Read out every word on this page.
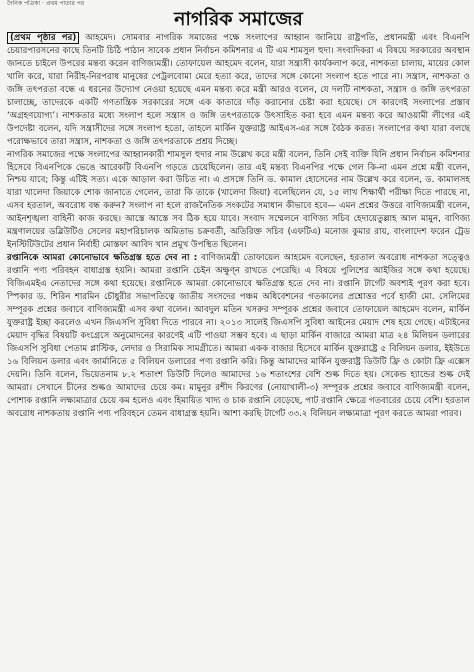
দৈনিক পত্রিকা · প্রথম পাতার পর
নাগরিক সমাজের

(প্রথম পৃষ্ঠার পর) আহমেদ। সোমবার নাগরিক সমাজের পক্ষে সংলাপের আহ্বান জানিয়ে রাষ্ট্রপতি, প্রধানমন্ত্রী এবং বিএনপি চেয়ারপারসনের কাছে তিনটি চিঠি পাঠান সাবেক প্রধান নির্বাচন কমিশনার এ টি এম শামসুল হুদা। সংবাদিকরা এ বিষয়ে সরকারের অবস্থান জানতে চাইলে উপরের মন্তব্য করেন বাণিজ্যমন্ত্রী। তোফায়েল আহমেদ বলেন, যারা সন্ত্রাসী কার্যকলাপ করে, নাশকতা চালায়, মায়ের কোল খালি করে, যারা নিরীহ-নিরপরাধ মানুষের পেট্রলবোমা মেরে হত্যা করে, তাদের সঙ্গে কোনো সংলাপ হতে পারে না। সন্ত্রাস, নাশকতা ও জঙ্গি তৎপরতা বন্ধে এ ধরনের উদ্যোগ নেওয়া হয়েছে এমন মন্তব্য করে মন্ত্রী আরও বলেন, যে দলটি নাশকতা, সন্ত্রাস ও জঙ্গি তৎপরতা চালাচ্ছে, তাদেরকে একটি গণতান্ত্রিক সরকারের সঙ্গে এক কাতারে দাঁড় করানোর চেষ্টা করা হয়েছে। সে কারণেই সংলাপের প্রস্তাব ‘অগ্রহণযোগ্য’। নাশকতার মধ্যে সংলাপ হলে সন্ত্রাস ও জঙ্গি তৎপরতাকে উৎসাহিত করা হবে এমন মন্তব্য করে আওয়ামী লীগের এই উপদেষ্টা বলেন, যদি সন্ত্রাসীদের সঙ্গে সংলাপ হতো, তাহলে মার্কিন যুক্তরাষ্ট্র আইএস-এর সঙ্গে বৈঠক করত। সংলাপের কথা যারা বলছে পরোক্ষভাবে তারা সন্ত্রাস, নাশকতা ও জঙ্গি তৎপরতাকে প্রশ্রয় দিচ্ছে।

নাগরিক সমাজের পক্ষে সংলাপের আহ্বানকারী শামসুল হুদার নাম উল্লেখ করে মন্ত্রী বলেন, তিনি সেই ব্যক্তি যিনি প্রধান নির্বাচন কমিশনার হিসেবে বিএনপিকে ভেঙে আরেকটি বিএনপি গড়তে চেয়েছিলেন। তার এই মন্তব্য বিএনপির পক্ষে গেল কি-না এমন প্রশ্নে মন্ত্রী বলেন, নিশ্চয় যাবে; কিন্তু এটিই সত্য। একে আড়াল করা উচিত না। এ প্রসঙ্গে তিনি ড. কামাল হোসেনের নাম উল্লেখ করে বলেন, ড. কামালসহ যারা খালেদা জিয়াকে শোক জানাতে গেলেন, তারা কি তাকে (খালেদা জিয়া) বলেছিলেন যে, ১৫ লাখ শিক্ষার্থী পরীক্ষা দিতে পারছে না, এসব হরতাল, অবরোধ বন্ধ করুন? সংলাপ না হলে রাজনৈতিক সংকটের সমাধান কীভাবে হবে— এমন প্রশ্নের উত্তরে বাণিজ্যমন্ত্রী বলেন, আইনশৃঙ্খলা বাহিনী কাজ করছে। আস্তে আস্তে সব ঠিক হয়ে যাবে। সংবাদ সম্মেলনে বাণিজ্য সচিব হেদায়েতুল্লাহ আল মামুন, বাণিজ্য মন্ত্রণালয়ের ডব্লিউটিও সেলের মহাপরিচালক অমিতাভ চক্রবর্তী, অতিরিক্ত সচিব (এফটিএ) মনোজ কুমার রায়, বাংলাদেশ ফরেন ট্রেড ইনস্টিটিউটের প্রধান নির্বাহী মোস্তফা আবিদ খান প্রমুখ উপস্থিত ছিলেন।

রপ্তানিকে আমরা কোনোভাবে ক্ষতিগ্রস্ত হতে দেব না : বাণিজ্যমন্ত্রী তোফায়েল আহমেদ বলেছেন, হরতাল অবরোধ নাশকতা সত্ত্বেও রপ্তানি পণ্য পরিবহন বাধাগ্রস্ত হয়নি। আমরা রপ্তানি চেইন অক্ষুণ্ন রাখতে পেরেছি। এ বিষয়ে পুলিশের আইজির সঙ্গে কথা হয়েছে। বিজিএমইএ নেতাদের সঙ্গে কথা হয়েছে। রপ্তানিকে আমরা কোনোভাবে ক্ষতিগ্রস্ত হতে দেব না। রপ্তানি টার্গেট অবশ্যই পূরণ করা হবে। স্পিকার ড. শিরিন শারমিন চৌধুরীর সভাপতিত্বে জাতীয় সংসদের পঞ্চম অধিবেশনের গতকালের প্রশ্নোত্তর পর্বে হাজী মো. সেলিমের সম্পূরক প্রশ্নের জবাবে বাণিজ্যমন্ত্রী এসব কথা বলেন। আবদুল মতিন খসরুর সম্পূরক প্রশ্নের জবাবে তোফায়েল আহমেদ বলেন, মার্কিন যুক্তরাষ্ট্র ইচ্ছা করলেও এখন জিএসপি সুবিধা দিতে পারবে না। ২০১৩ সালেই জিএসপি সুবিধা আইনের মেয়াদ শেষ হয়ে গেছে। এটাইনের মেয়াদ বৃদ্ধির বিষয়টি কংগ্রেসে অনুমোদনের কারণেই এটি পাওয়া সম্ভব হবে। এ ছাড়া মার্কিন বাজারে আমরা মাত্র ২৪ মিলিয়ন ডলারের জিএসপি সুবিধা পেতাম প্লাস্টিক, লেদার ও সিরামিক সামগ্রীতে। আমরা একক বাজার হিসেবে মার্কিন যুক্তরাষ্ট্রে ৫ বিলিয়ন ডলার, ইইউতে ১৬ বিলিয়ন ডলার এবং জার্মানিতে ৫ বিলিয়ন ডলারের পণ্য রপ্তানি করি। কিন্তু আমাদের মার্কিন যুক্তরাষ্ট্র ডিউটি ফ্রি ও কোটা ফ্রি এক্সেস দেয়নি। তিনি বলেন, ভিয়েতনাম ৮.২ শতাংশ ডিউটি দিলেও আমাদের ১৬ শতাংশের বেশি শুল্ক দিতে হয়। সেকেন্ড হ্যান্ডের শুল্ক দেই আমরা। সেখানে চীনের শুল্কও আমাদের চেয়ে কম। মামুনুর রশীদ কিরণের (নোয়াখালী-৩) সম্পূরক প্রশ্নের জবাবে বাণিজ্যমন্ত্রী বলেন, পোশাক রপ্তানি লক্ষ্যমাত্রার চেয়ে কম হলেও এবং হিমায়িত খাদ্য ও চাক রপ্তানি বেড়েছে, পাট রপ্তানি ক্ষেত্রে গতবারের চেয়ে বেশি। হরতাল অবরোধ নাশকতায় রপ্তানি পণ্য পরিবহনে তেমন বাধাগ্রস্ত হয়নি। আশা করছি টার্গেট ৩৩.২ বিলিয়ন লক্ষ্যমাত্রা পূরণ করতে আমরা পারব।
